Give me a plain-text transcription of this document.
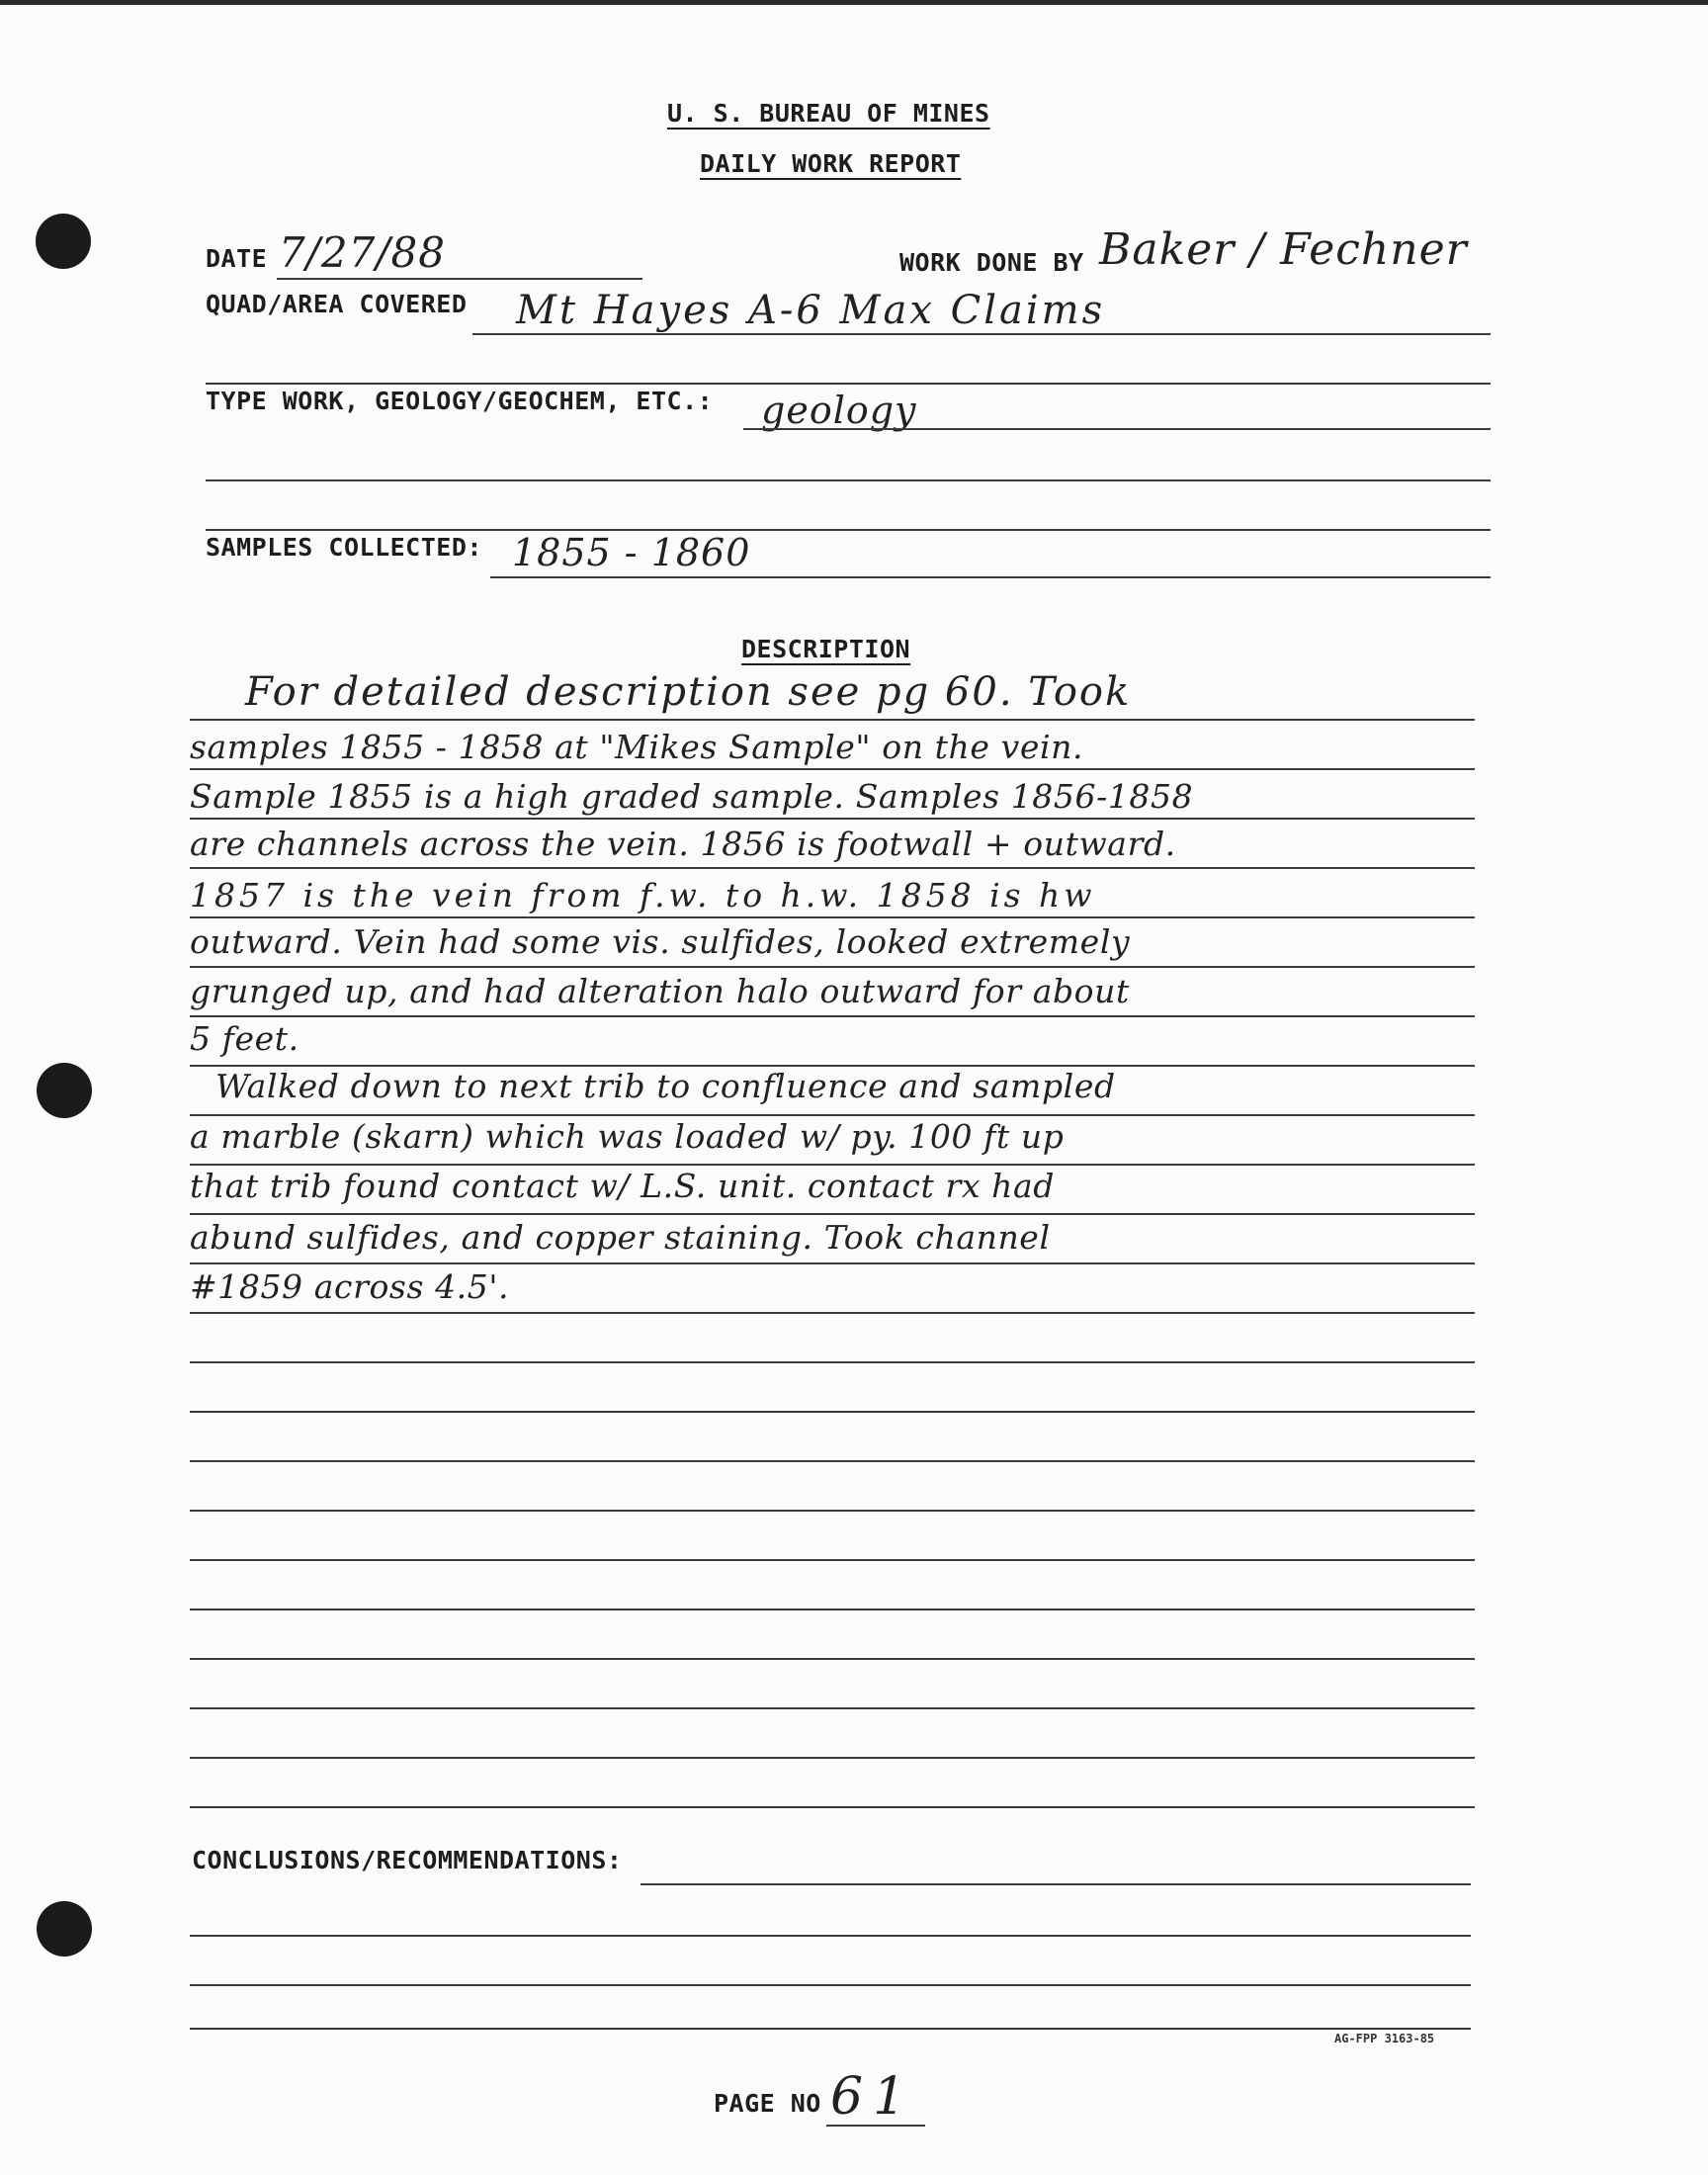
U. S. BUREAU OF MINES
DAILY WORK REPORT
DATE 7/27/88	WORK DONE BY Baker / Fechner
QUAD/AREA COVERED Mt Hayes A-6 Max Claims
TYPE WORK, GEOLOGY/GEOCHEM, ETC.: geology
SAMPLES COLLECTED: 1855 - 1860
DESCRIPTION
For detailed description see pg 60. Took
samples 1855 - 1858 at "Mikes Sample" on the vein.
Sample 1855 is a high graded sample. Samples 1856-1858
are channels across the vein. 1856 is footwall + outward.
1857 is the vein from f.w. to h.w. 1858 is hw
outward. Vein had some vis. sulfides, looked extremely
grunged up, and had alteration halo outward for about
5 feet.
Walked down to next trib to confluence and sampled
a marble (skarn) which was loaded w/ py. 100 ft up
that trib found contact w/ L.S. unit. contact rx had
abund sulfides, and copper staining. Took channel
#1859 across 4.5'.
CONCLUSIONS/RECOMMENDATIONS:
AG-FPP 3163-85
PAGE NO 61
